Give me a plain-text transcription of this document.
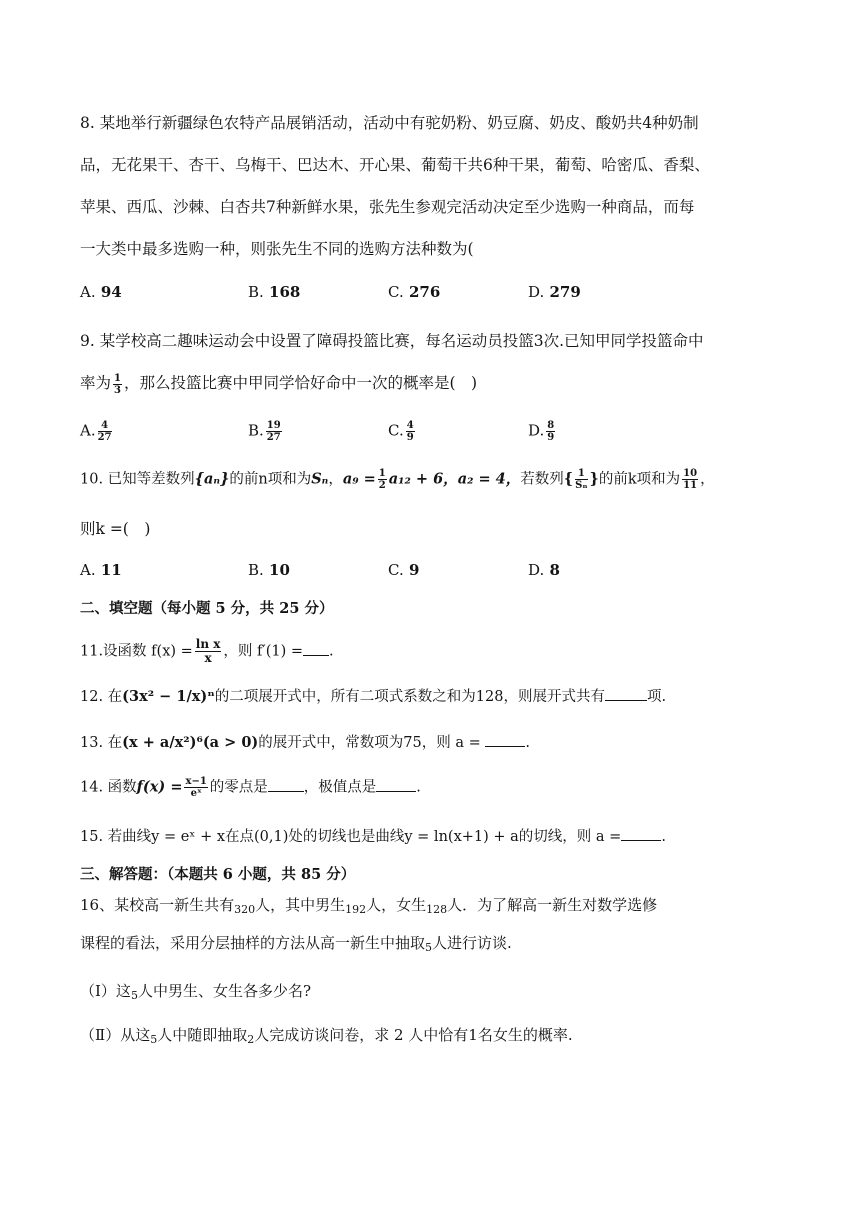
8. 某地举行新疆绿色农特产品展销活动，活动中有驼奶粉、奶豆腐、奶皮、酸奶共4种奶制
品，无花果干、杏干、乌梅干、巴达木、开心果、葡萄干共6种干果，葡萄、哈密瓜、香梨、
苹果、西瓜、沙棘、白杏共7种新鲜水果，张先生参观完活动决定至少选购一种商品，而每
一大类中最多选购一种，则张先生不同的选购方法种数为(
A. 94	B. 168	C. 276	D. 279
9. 某学校高二趣味运动会中设置了障碍投篮比赛，每名运动员投篮3次.已知甲同学投篮命中
率为 $\frac{1}{3}$ ，那么投篮比赛中甲同学恰好命中一次的概率是(　)
A. $\frac{4}{27}$	B. $\frac{19}{27}$	C. $\frac{4}{9}$	D. $\frac{8}{9}$
10. 已知等差数列{aₙ}的前n项和为Sₙ，$a_9 = \frac{1}{2} a_{12} + 6$，a₂ = 4，若数列{ $\frac{1}{\text{Sₙ}}$ }的前k项和为 $\frac{10}{11}$ ，
则k =(　)
A. 11	B. 10	C. 9	D. 8
二、填空题（每小题 5 分，共 25 分）
11.设函数 $f(x) = \frac{\text{ln x}}{x}$ ，则 f′(1) = .
12. 在(3x² − 1/x)ⁿ的二项展开式中，所有二项式系数之和为128，则展开式共有	项.
13. 在(x + a/x²)⁶(a > 0)的展开式中，常数项为75，则 a =	.
14. 函数$f(x) = \frac{x-1}{\text{eˣ}}$ 的零点是 ，极值点是	.
15. 若曲线y = eˣ + x在点(0,1)处的切线也是曲线y = ln(x+1) + a的切线，则 a =	.
三、解答题：（本题共 6 小题，共 85 分）
16、某校高一新生共有$_{320}$人，其中男生$_{192}$人，女生$_{128}$人．为了解高一新生对数学选修
课程的看法，采用分层抽样的方法从高一新生中抽取$_5$人进行访谈.
（Ⅰ）这$_5$人中男生、女生各多少名?
（Ⅱ）从这$_5$人中随即抽取$_2$人完成访谈问卷，求 2 人中恰有1名女生的概率.
